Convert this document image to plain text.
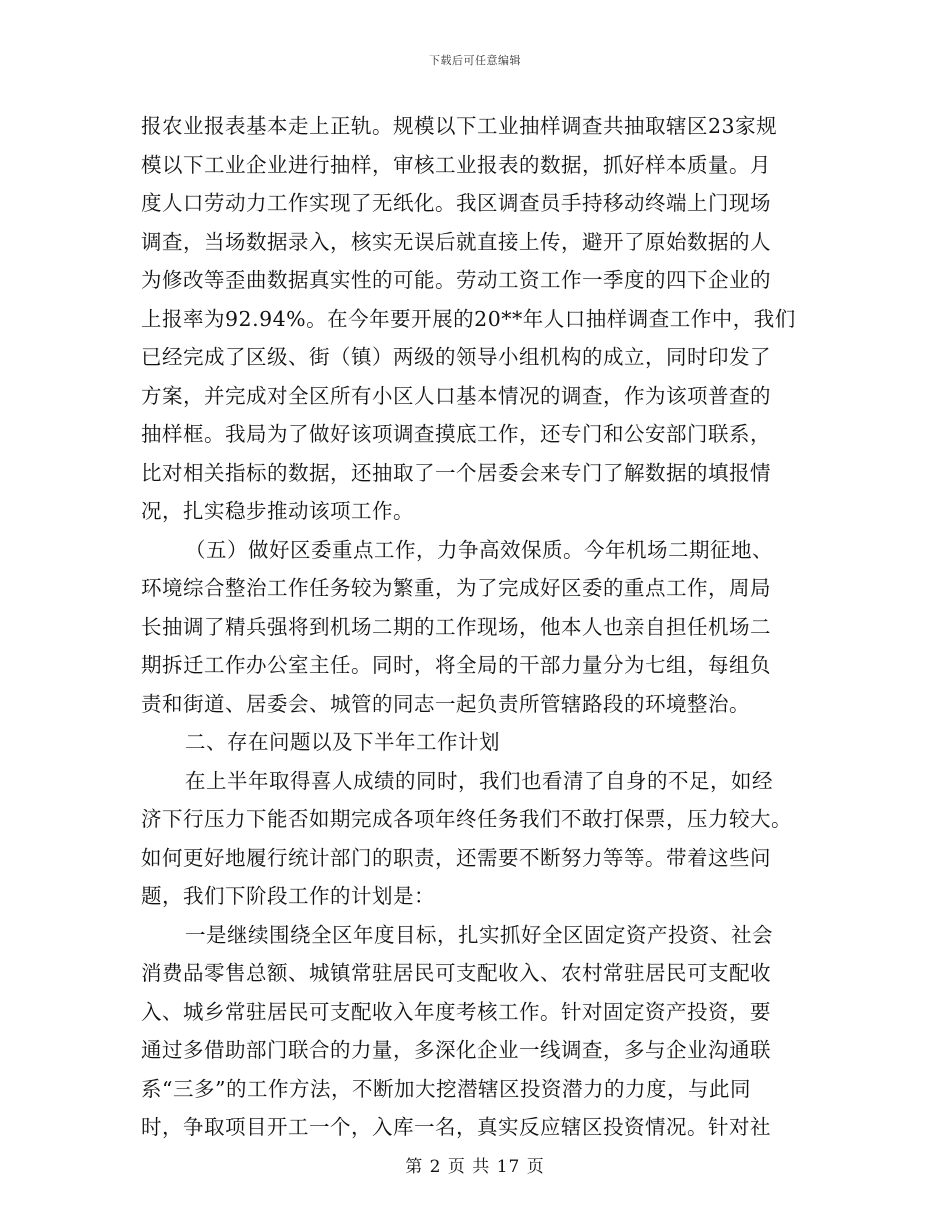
下载后可任意编辑
报农业报表基本走上正轨。规模以下工业抽样调查共抽取辖区23家规
模以下工业企业进行抽样，审核工业报表的数据，抓好样本质量。月
度人口劳动力工作实现了无纸化。我区调查员手持移动终端上门现场
调查，当场数据录入，核实无误后就直接上传，避开了原始数据的人
为修改等歪曲数据真实性的可能。劳动工资工作一季度的四下企业的
上报率为92.94%。在今年要开展的20**年人口抽样调查工作中，我们
已经完成了区级、街（镇）两级的领导小组机构的成立，同时印发了
方案，并完成对全区所有小区人口基本情况的调查，作为该项普查的
抽样框。我局为了做好该项调查摸底工作，还专门和公安部门联系，
比对相关指标的数据，还抽取了一个居委会来专门了解数据的填报情
况，扎实稳步推动该项工作。
（五）做好区委重点工作，力争高效保质。今年机场二期征地、
环境综合整治工作任务较为繁重，为了完成好区委的重点工作，周局
长抽调了精兵强将到机场二期的工作现场，他本人也亲自担任机场二
期拆迁工作办公室主任。同时，将全局的干部力量分为七组，每组负
责和街道、居委会、城管的同志一起负责所管辖路段的环境整治。
二、存在问题以及下半年工作计划
在上半年取得喜人成绩的同时，我们也看清了自身的不足，如经
济下行压力下能否如期完成各项年终任务我们不敢打保票，压力较大。
如何更好地履行统计部门的职责，还需要不断努力等等。带着这些问
题，我们下阶段工作的计划是：
一是继续围绕全区年度目标，扎实抓好全区固定资产投资、社会
消费品零售总额、城镇常驻居民可支配收入、农村常驻居民可支配收
入、城乡常驻居民可支配收入年度考核工作。针对固定资产投资，要
通过多借助部门联合的力量，多深化企业一线调查，多与企业沟通联
系“三多”的工作方法，不断加大挖潜辖区投资潜力的力度，与此同
时，争取项目开工一个，入库一名，真实反应辖区投资情况。针对社
第 2 页 共 17 页
